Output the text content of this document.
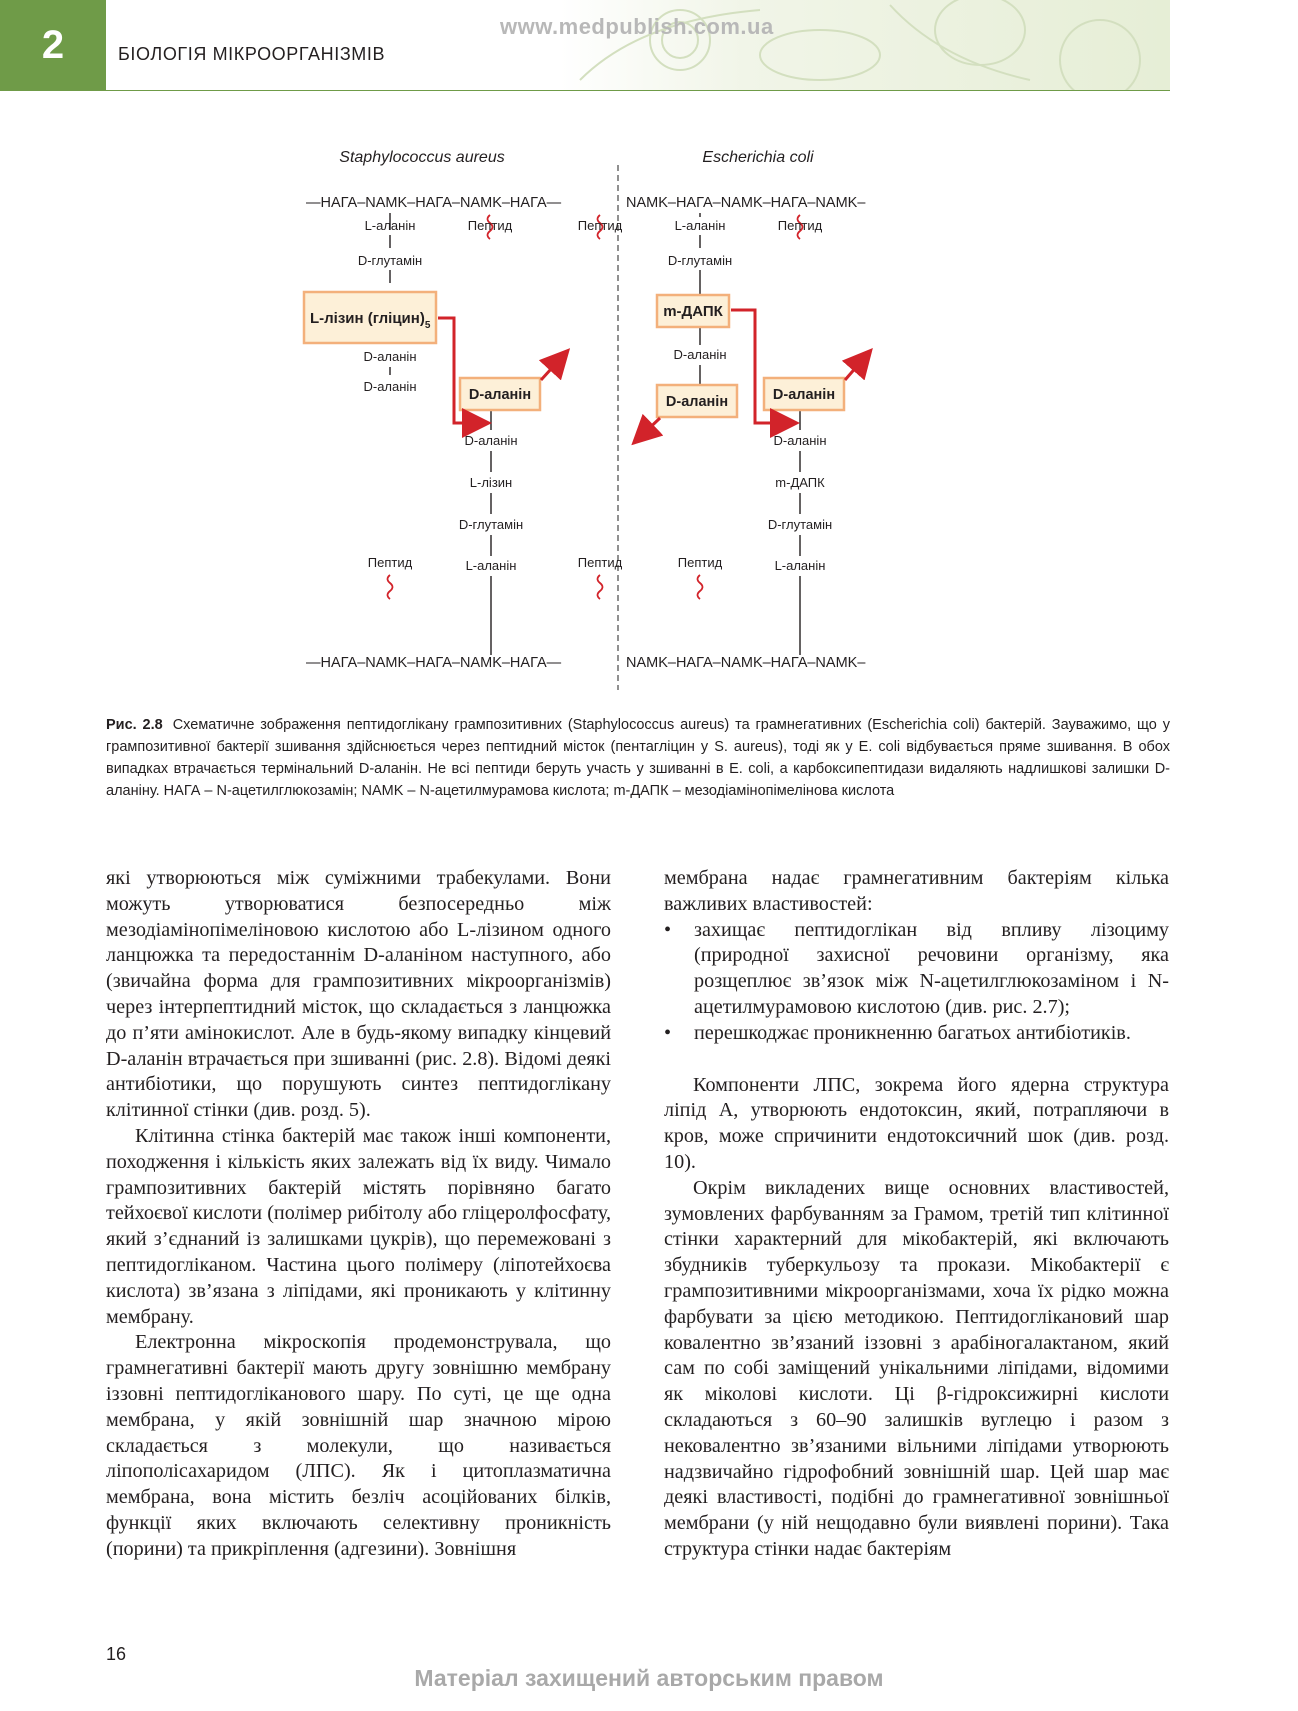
2	БІОЛОГІЯ МІКРООРГАНІЗМІВ
www.medpublish.com.ua
Staphylococcus aureus	Escherichia coli
—НАГА–NAMK–НАГА–NAMK–НАГА—	NAMK–НАГА–NAMK–НАГА–NAMK–
—НАГА–NAMK–НАГА–NAMK–НАГА—	NAMK–НАГА–NAMK–НАГА–NAMK–
L-аланін	Пептид
D-глутамін
L-лізин $(гліцин)_5$
D-аланін
D-аланін
D-аланін
D-аланін
L-лізин
D-глутамін
L-аланін
Пептид
Пептид	L-аланін	Пептид
D-глутамін
m-ДАПК
D-аланін
D-аланін	D-аланін
D-аланін
m-ДАПК
D-глутамін
L-аланін
Пептид	Пептид
Рис. 2.8 Схематичне зображення пептидоглікану грампозитивних (Staphylococcus aureus) та грамнегативних (Escherichia coli) бактерій. Зауважимо, що у грампозитивної бактерії зшивання здійснюється через пептидний місток (пентагліцин у S. aureus), тоді як у E. coli відбувається пряме зшивання. В обох випадках втрачається термінальний D-аланін. Не всі пептиди беруть участь у зшиванні в E. coli, а карбоксипептидази видаляють надлишкові залишки D-аланіну. НАГА – N-ацетилглюкозамін; NAMK – N-ацетилмурамова кислота; m-ДАПК – мезодіамінопімелінова кислота

які утворюються між суміжними трабекулами. Вони можуть утворюватися безпосередньо між мезодіамінопімеліновою кислотою або L-лізином одного ланцюжка та передостаннім D-аланіном наступного, або (звичайна форма для грампозитивних мікроорганізмів) через інтерпептидний місток, що складається з ланцюжка до п’яти амінокислот. Але в будь-якому випадку кінцевий D-аланін втрачається при зшиванні (рис. 2.8). Відомі деякі антибіотики, що порушують синтез пептидоглікану клітинної стінки (див. розд. 5).

Клітинна стінка бактерій має також інші компоненти, походження і кількість яких залежать від їх виду. Чимало грампозитивних бактерій містять порівняно багато тейхоєвої кислоти (полімер рибітолу або гліцеролфосфату, який з’єднаний із залишками цукрів), що перемежовані з пептидогліканом. Частина цього полімеру (ліпотейхоєва кислота) зв’язана з ліпідами, які проникають у клітинну мембрану.

Електронна мікроскопія продемонструвала, що грамнегативні бактерії мають другу зовнішню мембрану іззовні пептидогліканового шару. По суті, це ще одна мембрана, у якій зовнішній шар значною мірою складається з молекули, що називається ліпополісахаридом (ЛПС). Як і цитоплазматична мембрана, вона містить безліч асоційованих білків, функції яких включають селективну проникність (порини) та прикріплення (адгезини). Зовнішня

мембрана надає грамнегативним бактеріям кілька важливих властивостей:

• захищає пептидоглікан від впливу лізоциму (природної захисної речовини організму, яка розщеплює зв’язок між N-ацетилглюкозаміном і N-ацетилмурамовою кислотою (див. рис. 2.7);
• перешкоджає проникненню багатьох антибіотиків.

Компоненти ЛПС, зокрема його ядерна структура ліпід А, утворюють ендотоксин, який, потрапляючи в кров, може спричинити ендотоксичний шок (див. розд. 10).

Окрім викладених вище основних властивостей, зумовлених фарбуванням за Грамом, третій тип клітинної стінки характерний для мікобактерій, які включають збудників туберкульозу та прокази. Мікобактерії є грампозитивними мікроорганізмами, хоча їх рідко можна фарбувати за цією методикою. Пептидоглікановий шар ковалентно зв’язаний іззовні з арабіногалактаном, який сам по собі заміщений унікальними ліпідами, відомими як міколові кислоти. Ці β-гідроксижирні кислоти складаються з 60–90 залишків вуглецю і разом з нековалентно зв’язаними вільними ліпідами утворюють надзвичайно гідрофобний зовнішній шар. Цей шар має деякі властивості, подібні до грамнегативної зовнішньої мембрани (у ній нещодавно були виявлені порини). Така структура стінки надає бактеріям

16
Матеріал захищений авторським правом
